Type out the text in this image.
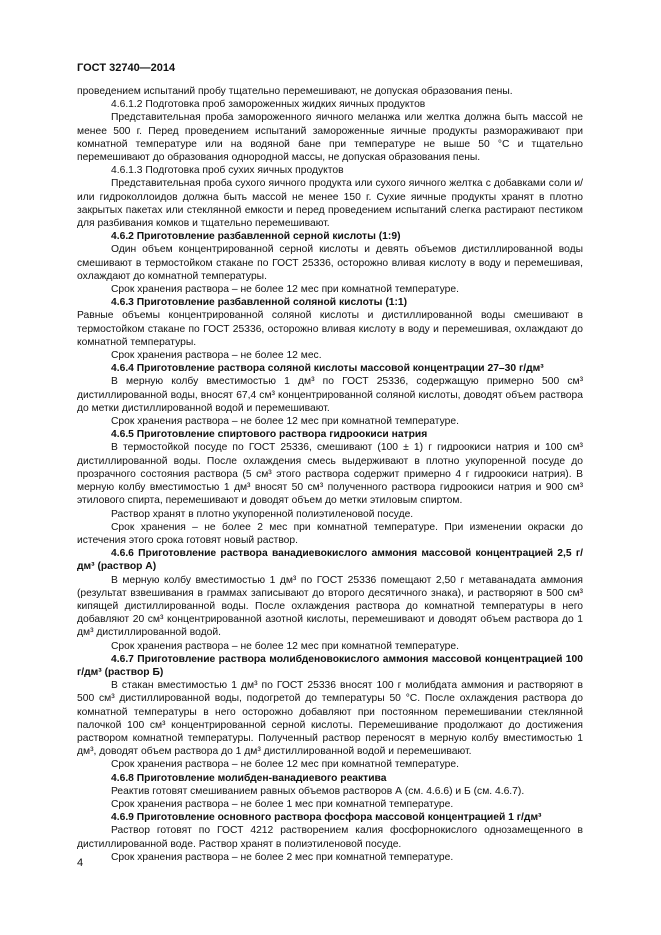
ГОСТ 32740—2014

проведением испытаний пробу тщательно перемешивают, не допуская образования пены.

4.6.1.2 Подготовка проб замороженных жидких яичных продуктов

Представительная проба замороженного яичного меланжа или желтка должна быть массой не менее 500 г. Перед проведением испытаний замороженные яичные продукты размораживают при комнатной температуре или на водяной бане при температуре не выше 50 °С и тщательно перемешивают до образования однородной массы, не допуская образования пены.

4.6.1.3 Подготовка проб сухих яичных продуктов

Представительная проба сухого яичного продукта или сухого яичного желтка с добавками соли и/или гидроколлоидов должна быть массой не менее 150 г. Сухие яичные продукты хранят в плотно закрытых пакетах или стеклянной емкости и перед проведением испытаний слегка растирают пестиком для разбивания комков и тщательно перемешивают.

4.6.2 Приготовление разбавленной серной кислоты (1:9)

Один объем концентрированной серной кислоты и девять объемов дистиллированной воды смешивают в термостойком стакане по ГОСТ 25336, осторожно вливая кислоту в воду и перемешивая, охлаждают до комнатной температуры.

Срок хранения раствора – не более 12 мес при комнатной температуре.

4.6.3 Приготовление разбавленной соляной кислоты (1:1)

Равные объемы концентрированной соляной кислоты и дистиллированной воды смешивают в термостойком стакане по ГОСТ 25336, осторожно вливая кислоту в воду и перемешивая, охлаждают до комнатной температуры.

Срок хранения раствора – не более 12 мес.

4.6.4 Приготовление раствора соляной кислоты массовой концентрации 27–30 г/дм³

В мерную колбу вместимостью 1 дм³ по ГОСТ 25336, содержащую примерно 500 см³ дистиллированной воды, вносят 67,4 см³ концентрированной соляной кислоты, доводят объем раствора до метки дистиллированной водой и перемешивают.

Срок хранения раствора – не более 12 мес при комнатной температуре.

4.6.5 Приготовление спиртового раствора гидроокиси натрия

В термостойкой посуде по ГОСТ 25336, смешивают (100 ± 1) г гидроокиси натрия и 100 см³ дистиллированной воды. После охлаждения смесь выдерживают в плотно укупоренной посуде до прозрачного состояния раствора (5 см³ этого раствора содержит примерно 4 г гидроокиси натрия). В мерную колбу вместимостью 1 дм³ вносят 50 см³ полученного раствора гидроокиси натрия и 900 см³ этилового спирта, перемешивают и доводят объем до метки этиловым спиртом.

Раствор хранят в плотно укупоренной полиэтиленовой посуде.

Срок хранения – не более 2 мес при комнатной температуре. При изменении окраски до истечения этого срока готовят новый раствор.

4.6.6 Приготовление раствора ванадиевокислого аммония массовой концентрацией 2,5 г/дм³ (раствор А)

В мерную колбу вместимостью 1 дм³ по ГОСТ 25336 помещают 2,50 г метаванадата аммония (результат взвешивания в граммах записывают до второго десятичного знака), и растворяют в 500 см³ кипящей дистиллированной воды. После охлаждения раствора до комнатной температуры в него добавляют 20 см³ концентрированной азотной кислоты, перемешивают и доводят объем раствора до 1 дм³ дистиллированной водой.

Срок хранения раствора – не более 12 мес при комнатной температуре.

4.6.7 Приготовление раствора молибденовокислого аммония массовой концентрацией 100 г/дм³ (раствор Б)

В стакан вместимостью 1 дм³ по ГОСТ 25336 вносят 100 г молибдата аммония и растворяют в 500 см³ дистиллированной воды, подогретой до температуры 50 °С. После охлаждения раствора до комнатной температуры в него осторожно добавляют при постоянном перемешивании стеклянной палочкой 100 см³ концентрированной серной кислоты. Перемешивание продолжают до достижения раствором комнатной температуры. Полученный раствор переносят в мерную колбу вместимостью 1 дм³, доводят объем раствора до 1 дм³ дистиллированной водой и перемешивают.

Срок хранения раствора – не более 12 мес при комнатной температуре.

4.6.8 Приготовление молибден-ванадиевого реактива

Реактив готовят смешиванием равных объемов растворов А (см. 4.6.6) и Б (см. 4.6.7).

Срок хранения раствора – не более 1 мес при комнатной температуре.

4.6.9 Приготовление основного раствора фосфора массовой концентрацией 1 г/дм³

Раствор готовят по ГОСТ 4212 растворением калия фосфорнокислого однозамещенного в дистиллированной воде. Раствор хранят в полиэтиленовой посуде.

Срок хранения раствора – не более 2 мес при комнатной температуре.

4
